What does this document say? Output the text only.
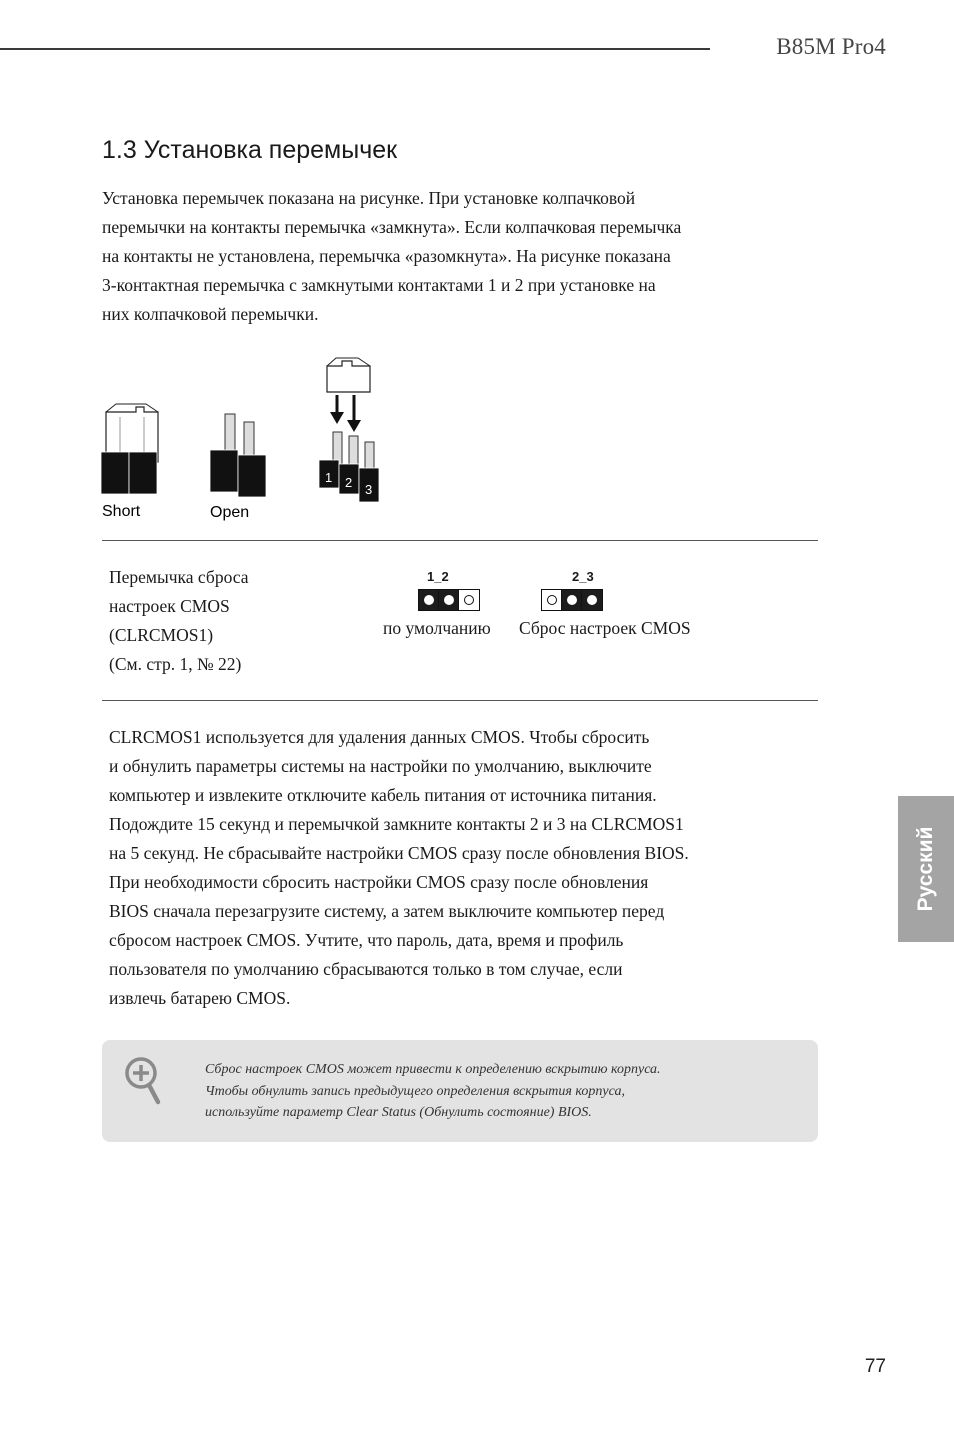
B85M Pro4
1.3 Установка перемычек

Установка перемычек показана на рисунке. При установке колпачковой

перемычки на контакты перемычка «замкнута». Если колпачковая перемычка

на контакты не установлена, перемычка «разомкнута». На рисунке показана

3-контактная перемычка с замкнутыми контактами 1 и 2 при установке на

них колпачковой перемычки.

Short	Open
1 2 3
Перемычка сброса
настроек CMOS
(CLRCMOS1)
(См. стр. 1, № 22)
1_2
по умолчанию
2_3
Сброс настроек CMOS

CLRCMOS1 используется для удаления данных CMOS. Чтобы сбросить

и обнулить параметры системы на настройки по умолчанию, выключите

компьютер и извлеките отключите кабель питания от источника питания.

Подождите 15 секунд и перемычкой замкните контакты 2 и 3 на CLRCMOS1

на 5 секунд. Не сбрасывайте настройки CMOS сразу после обновления BIOS.

При необходимости сбросить настройки CMOS сразу после обновления

BIOS сначала перезагрузите систему, а затем выключите компьютер перед

сбросом настроек CMOS. Учтите, что пароль, дата, время и профиль

пользователя по умолчанию сбрасываются только в том случае, если

извлечь батарею CMOS.

Сброс настроек CMOS может привести к определению вскрытию корпуса.

Чтобы обнулить запись предыдущего определения вскрытия корпуса,

используйте параметр Clear Status (Обнулить состояние) BIOS.

Русский
77
